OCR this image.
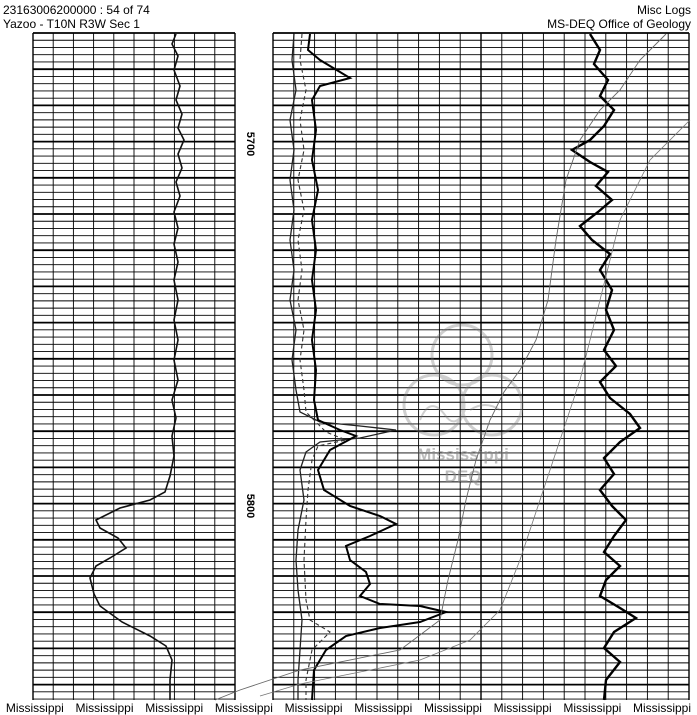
23163006200000 : 54 of 74
Yazoo - T10N R3W Sec 1
Misc Logs
MS-DEQ Office of Geology
5700
5800
Mississippi
DEQ
Mississippi Mississippi Mississippi Mississippi Mississippi Mississippi Mississippi Mississippi Mississippi Mississippi
